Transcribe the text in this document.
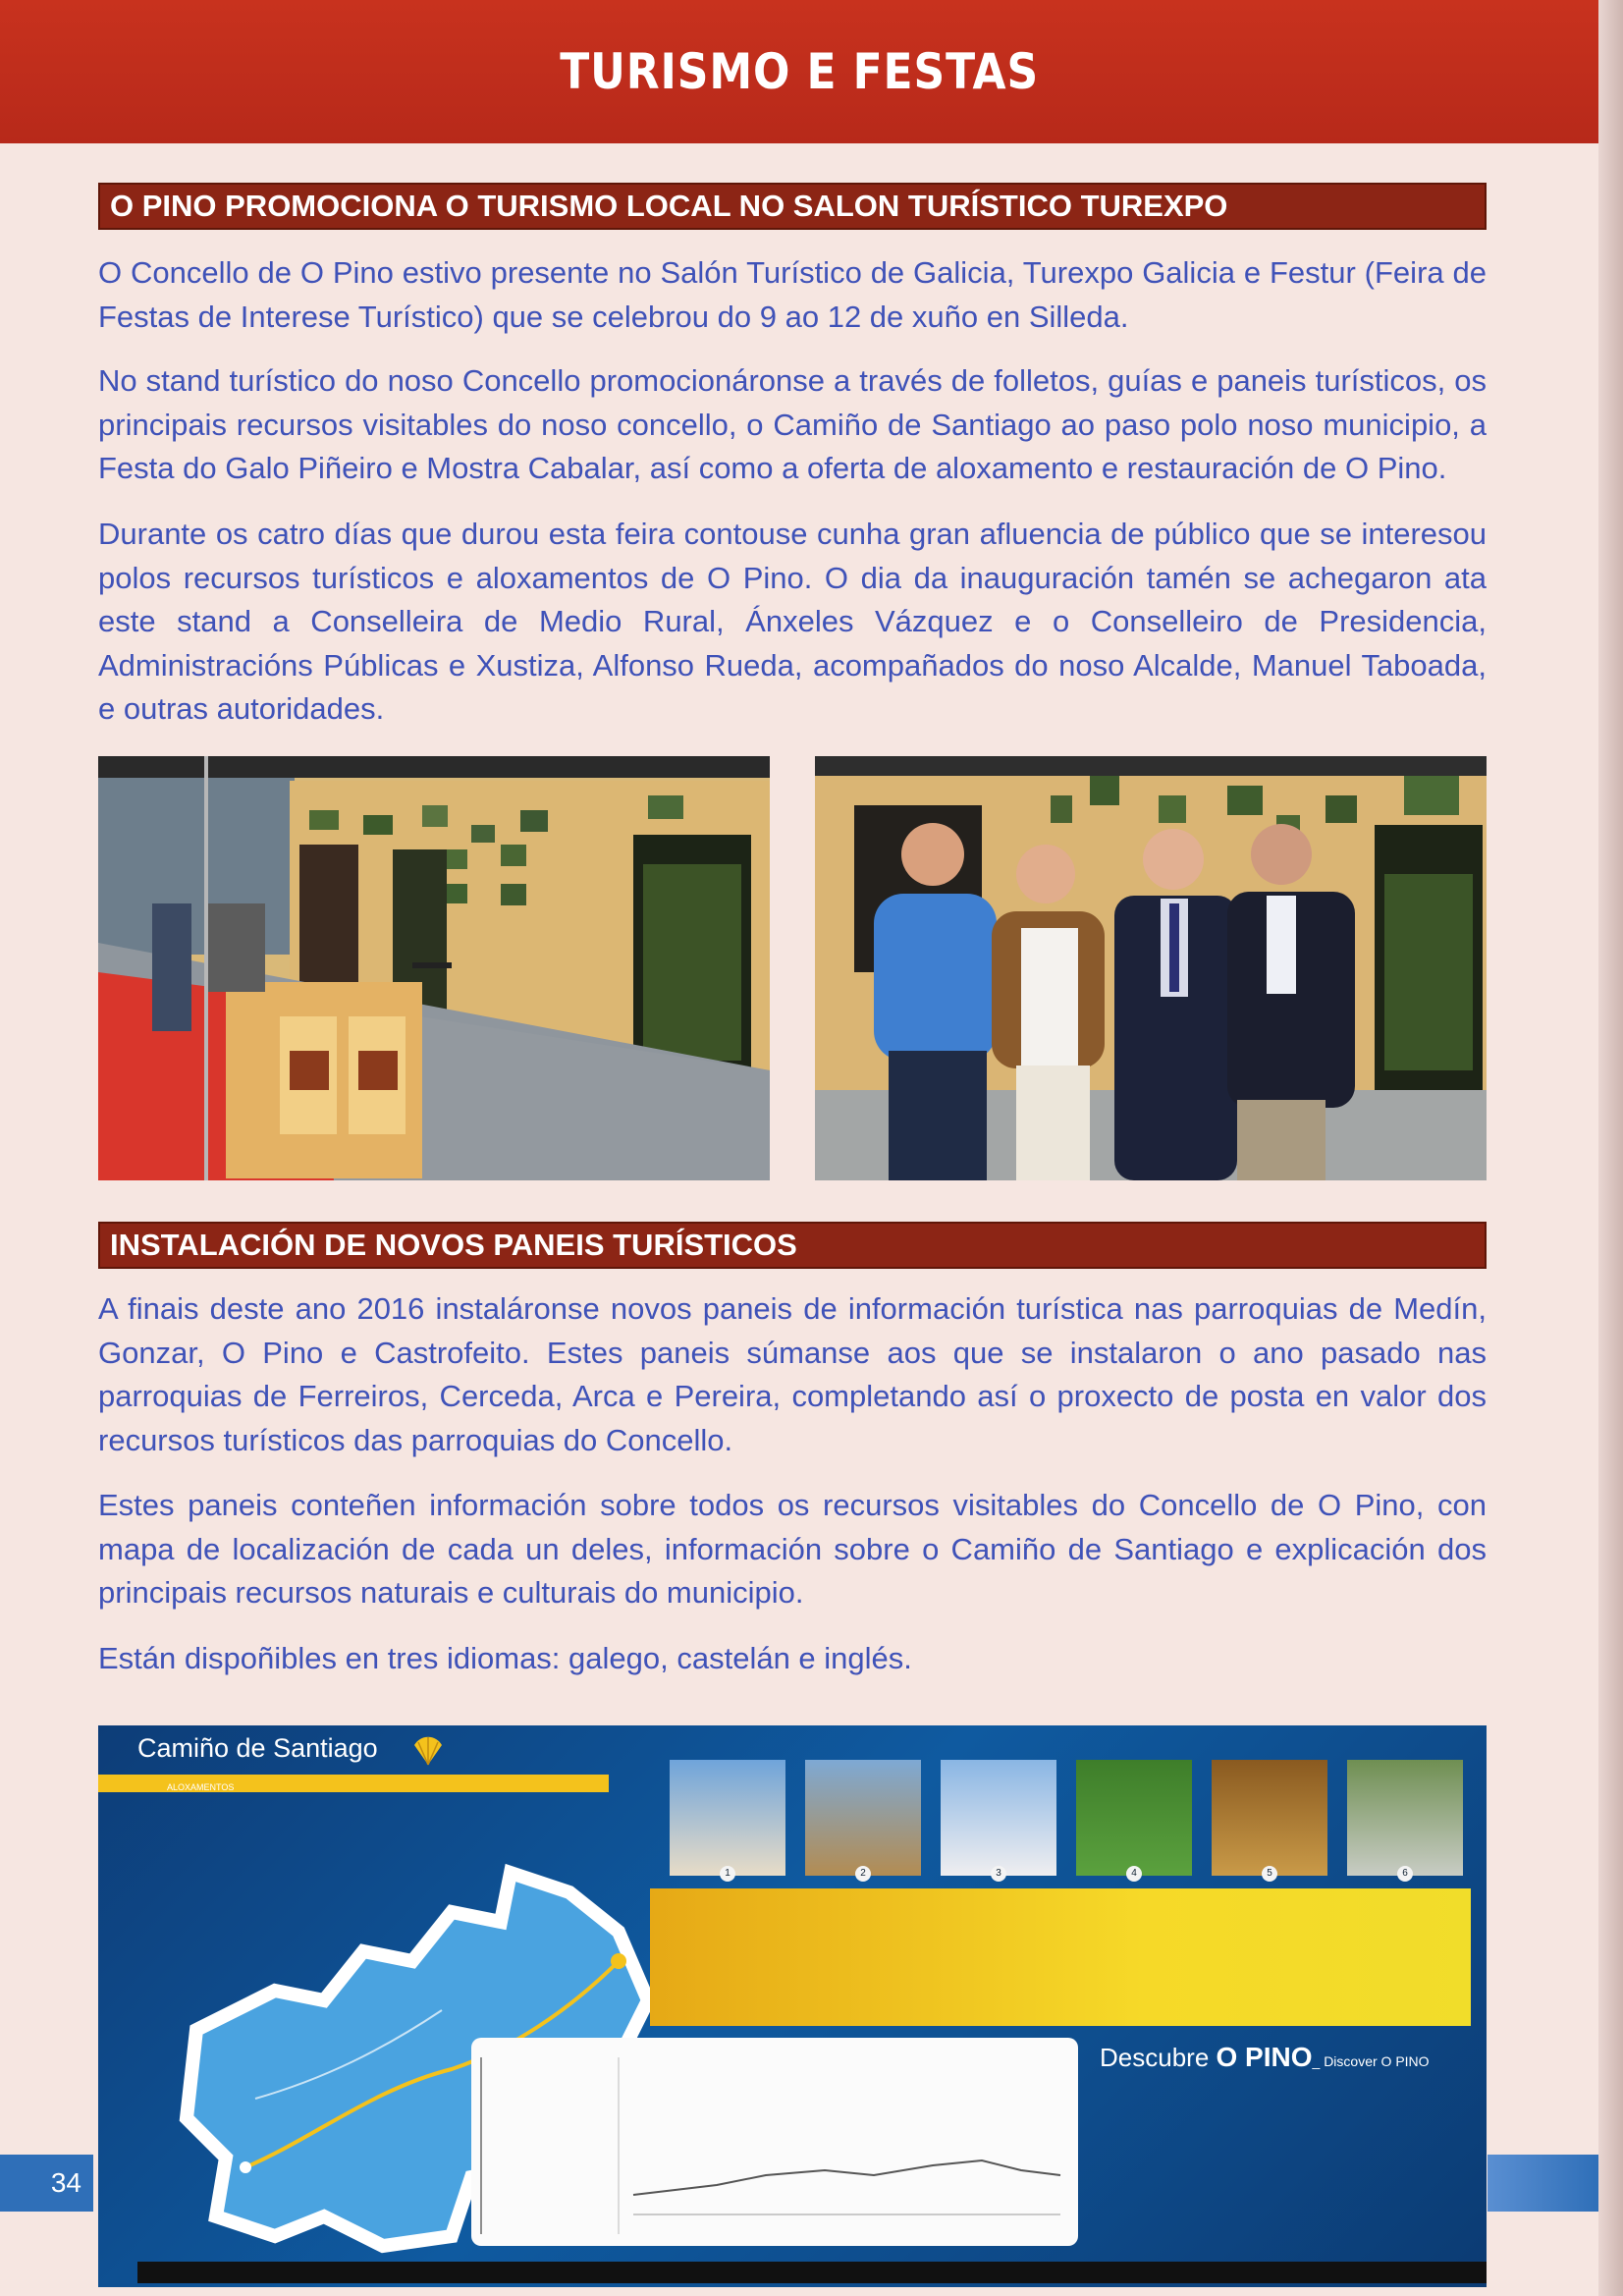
TURISMO E FESTAS
O PINO PROMOCIONA O TURISMO LOCAL NO SALON TURÍSTICO TUREXPO

O Concello de O Pino estivo presente no Salón Turístico de Galicia, Turexpo Galicia e Festur (Feira de Festas de Interese Turístico) que se celebrou do 9 ao 12 de xuño en Silleda.

No stand turístico do noso Concello promocionáronse a través de folletos, guías e paneis turísticos, os principais recursos visitables do noso concello, o Camiño de Santiago ao paso polo noso municipio, a Festa do Galo Piñeiro e Mostra Cabalar, así como a oferta de aloxamento e restauración de O Pino.

Durante os catro días que durou esta feira contouse cunha gran afluencia de público que se interesou polos recursos turísticos e aloxamentos de O Pino. O dia da inauguración tamén se achegaron ata este stand a Conselleira de Medio Rural, Ánxeles Vázquez e o Conselleiro de Presidencia, Administracións Públicas e Xustiza, Alfonso Rueda, acompañados do noso Alcalde, Manuel Taboada, e outras autoridades.

INSTALACIÓN DE NOVOS PANEIS TURÍSTICOS

A finais deste ano 2016 instaláronse novos paneis de información turística nas parroquias de Medín, Gonzar, O Pino e Castrofeito. Estes paneis súmanse aos que se instalaron o ano pasado nas parroquias de Ferreiros, Cerceda, Arca e Pereira, completando así o proxecto de posta en valor dos recursos turísticos das parroquias do Concello.

Estes paneis conteñen información sobre todos os recursos visitables do Concello de O Pino, con mapa de localización de cada un deles, información sobre o Camiño de Santiago e explicación dos principais recursos naturais e culturais do municipio.

Están dispoñibles en tres idiomas: galego, castelán e inglés.

Camiño de Santiago
ALOXAMENTOS
1	2	3	4	5	6
Descubre O PINO_ Discover O PINO
34
